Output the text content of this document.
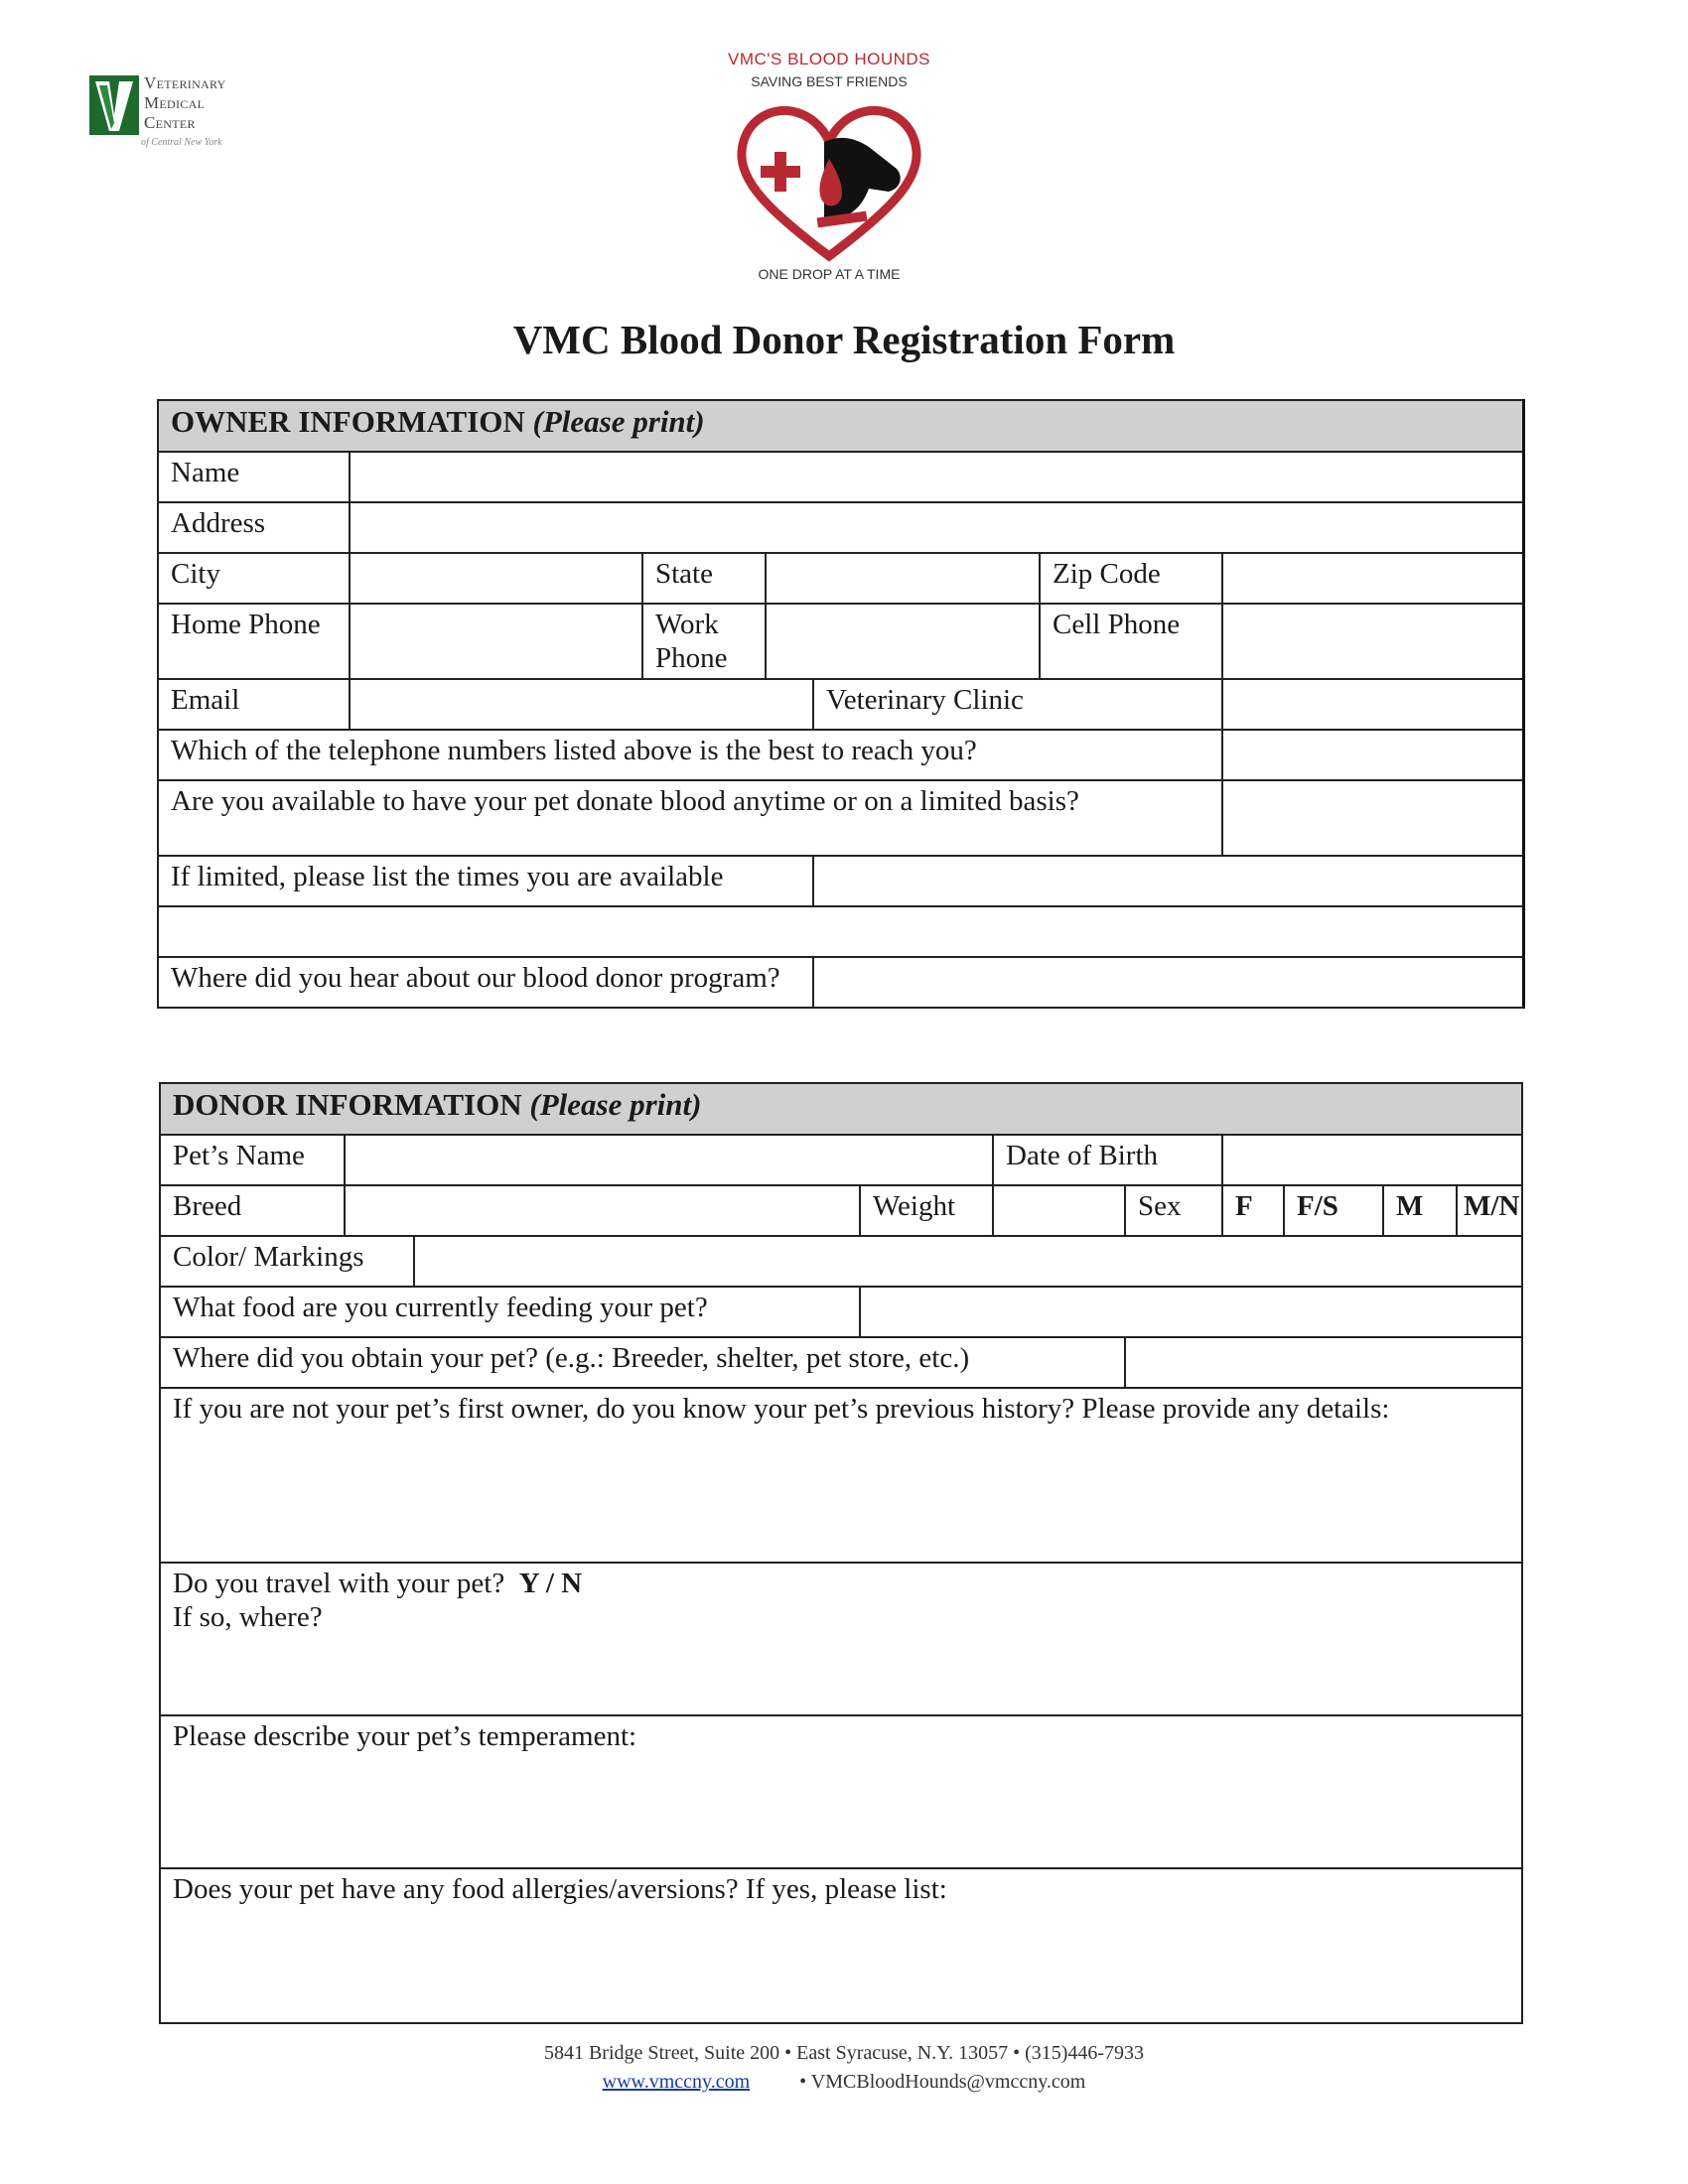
Veterinary
Medical
Center
of Central New York
VMC'S BLOOD HOUNDS
SAVING BEST FRIENDS
ONE DROP AT A TIME
VMC Blood Donor Registration Form
OWNER INFORMATION (Please print)						
Name						
Address						
City		State			Zip Code	
Home Phone		Work Phone			Cell Phone	
Email				Veterinary Clinic		
Which of the telephone numbers listed above is the best to reach you?						
Are you available to have your pet donate blood anytime or on a limited basis?						
If limited, please list the times you are available						

Where did you hear about our blood donor program?						
DONOR INFORMATION (Please print)									
Pet’s Name				Date of Birth					
Breed			Weight		Sex	F	F/S	M	M/N
Color/ Markings									
What food are you currently feeding your pet?									
Where did you obtain your pet? (e.g.: Breeder, shelter, pet store, etc.)									
If you are not your pet’s first owner, do you know your pet’s previous history? Please provide any details:									
Do you travel with your pet? Y / N
If so, where?									
Please describe your pet’s temperament:									
Does your pet have any food allergies/aversions? If yes, please list:									
5841 Bridge Street, Suite 200 • East Syracuse, N.Y. 13057 • (315)446-7933
www.vmccny.com	• VMCBloodHounds@vmccny.com
